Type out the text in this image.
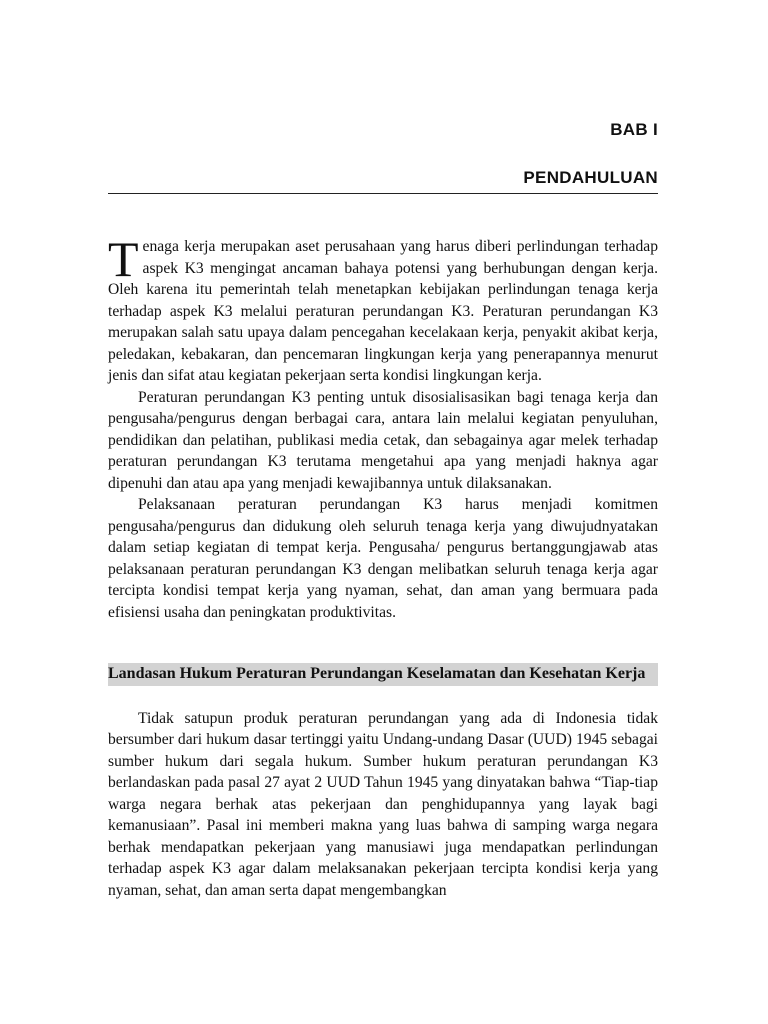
BAB I
PENDAHULUAN

Tenaga kerja merupakan aset perusahaan yang harus diberi perlindungan terhadap aspek K3 mengingat ancaman bahaya potensi yang berhubungan dengan kerja. Oleh karena itu pemerintah telah menetapkan kebijakan perlindungan tenaga kerja terhadap aspek K3 melalui peraturan perundangan K3. Peraturan perundangan K3 merupakan salah satu upaya dalam pencegahan kecelakaan kerja, penyakit akibat kerja, peledakan, kebakaran, dan pencemaran lingkungan kerja yang penerapannya menurut jenis dan sifat atau kegiatan pekerjaan serta kondisi lingkungan kerja.

Peraturan perundangan K3 penting untuk disosialisasikan bagi tenaga kerja dan pengusaha/pengurus dengan berbagai cara, antara lain melalui kegiatan penyuluhan, pendidikan dan pelatihan, publikasi media cetak, dan sebagainya agar melek terhadap peraturan perundangan K3 terutama mengetahui apa yang menjadi haknya agar dipenuhi dan atau apa yang menjadi kewajibannya untuk dilaksanakan.

Pelaksanaan peraturan perundangan K3 harus menjadi komitmen pengusaha/pengurus dan didukung oleh seluruh tenaga kerja yang diwujudnyatakan dalam setiap kegiatan di tempat kerja. Pengusaha/ pengurus bertanggungjawab atas pelaksanaan peraturan perundangan K3 dengan melibatkan seluruh tenaga kerja agar tercipta kondisi tempat kerja yang nyaman, sehat, dan aman yang bermuara pada efisiensi usaha dan peningkatan produktivitas.

Landasan Hukum Peraturan Perundangan Keselamatan dan Kesehatan Kerja

Tidak satupun produk peraturan perundangan yang ada di Indonesia tidak bersumber dari hukum dasar tertinggi yaitu Undang-undang Dasar (UUD) 1945 sebagai sumber hukum dari segala hukum. Sumber hukum peraturan perundangan K3 berlandaskan pada pasal 27 ayat 2 UUD Tahun 1945 yang dinyatakan bahwa “Tiap-tiap warga negara berhak atas pekerjaan dan penghidupannya yang layak bagi kemanusiaan”. Pasal ini memberi makna yang luas bahwa di samping warga negara berhak mendapatkan pekerjaan yang manusiawi juga mendapatkan perlindungan terhadap aspek K3 agar dalam melaksanakan pekerjaan tercipta kondisi kerja yang nyaman, sehat, dan aman serta dapat mengembangkan
